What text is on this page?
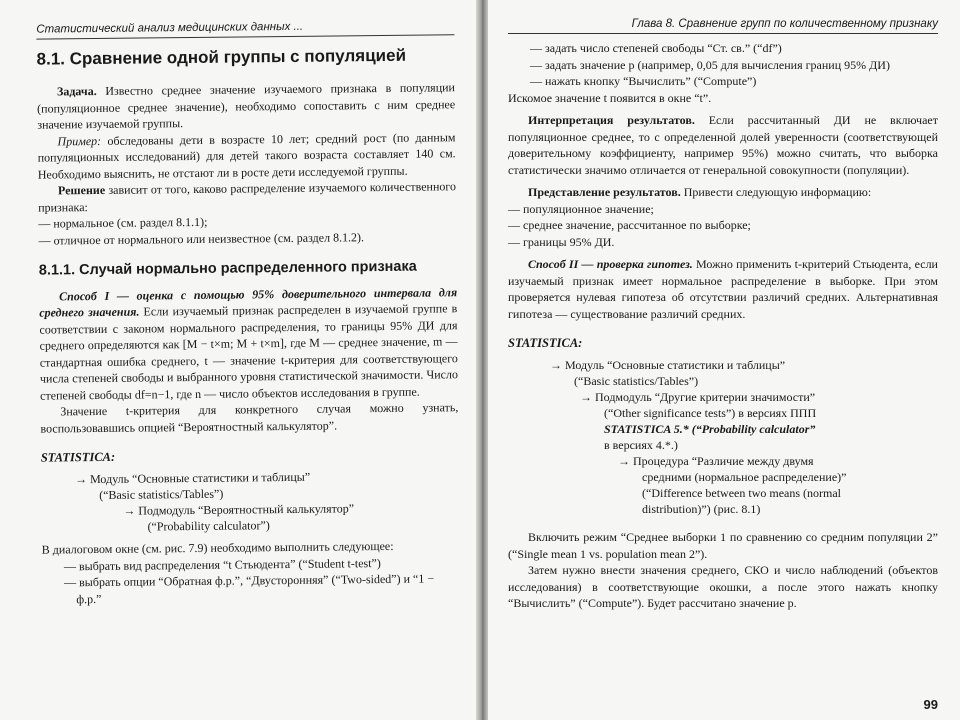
Статистический анализ медицинских данных ...
8.1. Сравнение одной группы с популяцией

Задача. Известно среднее значение изучаемого признака в популяции (популяционное среднее значение), необходимо сопоставить с ним среднее значение изучаемой группы.

Пример: обследованы дети в возрасте 10 лет; средний рост (по данным популяционных исследований) для детей такого возраста составляет 140 см. Необходимо выяснить, не отстают ли в росте дети исследуемой группы.

Решение зависит от того, каково распределение изучаемого количественного признака:

— нормальное (см. раздел 8.1.1);
— отличное от нормального или неизвестное (см. раздел 8.1.2).
8.1.1. Случай нормально распределенного признака

Способ I — оценка с помощью 95% доверительного интервала для среднего значения. Если изучаемый признак распределен в изучаемой группе в соответствии с законом нормального распределения, то границы 95% ДИ для среднего определяются как [M − t×m; M + t×m], где M — среднее значение, m — стандартная ошибка среднего, t — значение t-критерия для соответствующего числа степеней свободы и выбранного уровня статистической значимости. Число степеней свободы df=n−1, где n — число объектов исследования в группе.

Значение t-критерия для конкретного случая можно узнать, воспользовавшись опцией “Вероятностный калькулятор”.

STATISTICA:
→ Модуль “Основные статистики и таблицы”
(“Basic statistics/Tables”)
→ Подмодуль “Вероятностный калькулятор”
(“Probability calculator”)

В диалоговом окне (см. рис. 7.9) необходимо выполнить следующее:

— выбрать вид распределения “t Стьюдента” (“Student t-test”)
— выбрать опции “Обратная ф.р.”, “Двусторонняя” (“Two-sided”) и “1 − ф.р.”
Глава 8. Сравнение групп по количественному признаку
— задать число степеней свободы “Ст. св.” (“df”)
— задать значение p (например, 0,05 для вычисления границ 95% ДИ)
— нажать кнопку “Вычислить” (“Compute”)

Искомое значение t появится в окне “t”.

Интерпретация результатов. Если рассчитанный ДИ не включает популяционное среднее, то с определенной долей уверенности (соответствующей доверительному коэффициенту, например 95%) можно считать, что выборка статистически значимо отличается от генеральной совокупности (популяции).

Представление результатов. Привести следующую информацию:

— популяционное значение;
— среднее значение, рассчитанное по выборке;
— границы 95% ДИ.

Способ II — проверка гипотез. Можно применить t-критерий Стьюдента, если изучаемый признак имеет нормальное распределение в выборке. При этом проверяется нулевая гипотеза об отсутствии различий средних. Альтернативная гипотеза — существование различий средних.

STATISTICA:
→ Модуль “Основные статистики и таблицы”
(“Basic statistics/Tables”)
→ Подмодуль “Другие критерии значимости”
(“Other significance tests”) в версиях ППП
STATISTICA 5.* (“Probability calculator”
в версиях 4.*.)
→ Процедура “Различие между двумя
средними (нормальное распределение)”
(“Difference between two means (normal
distribution)”) (рис. 8.1)

Включить режим “Среднее выборки 1 по сравнению со средним популяции 2” (“Single mean 1 vs. population mean 2”).

Затем нужно внести значения среднего, СКО и число наблюдений (объектов исследования) в соответствующие окошки, а после этого нажать кнопку “Вычислить” (“Compute”). Будет рассчитано значение p.

99
